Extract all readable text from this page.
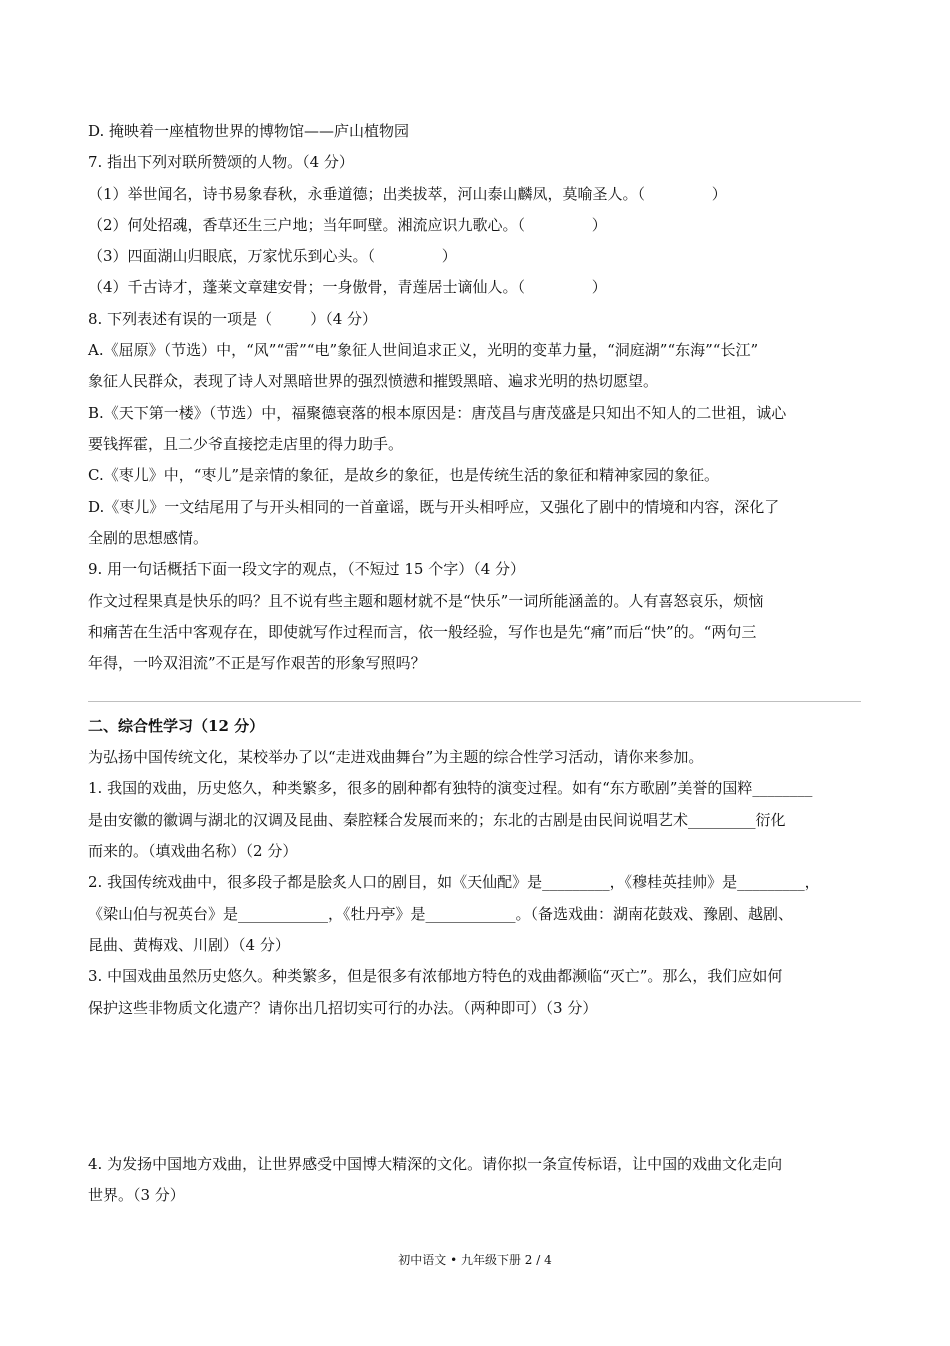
D. 掩映着一座植物世界的博物馆——庐山植物园
7. 指出下列对联所赞颂的人物。（4 分）
（1）举世闻名，诗书易象春秋，永垂道德；出类拔萃，河山泰山麟凤，莫喻圣人。（              ）
（2）何处招魂，香草还生三户地；当年呵壁。湘流应识九歌心。（              ）
（3）四面湖山归眼底，万家忧乐到心头。（              ）
（4）千古诗才，蓬莱文章建安骨；一身傲骨，青莲居士谪仙人。（              ）
8. 下列表述有误的一项是（        ）（4 分）
A.《屈原》（节选）中，“风”“雷”“电”象征人世间追求正义，光明的变革力量，“洞庭湖”“东海”“长江”
象征人民群众，表现了诗人对黑暗世界的强烈愤懑和摧毁黑暗、遍求光明的热切愿望。
B.《天下第一楼》（节选）中，福聚德衰落的根本原因是：唐茂昌与唐茂盛是只知出不知人的二世祖，诚心
要钱挥霍，且二少爷直接挖走店里的得力助手。
C.《枣儿》中，“枣儿”是亲情的象征，是故乡的象征，也是传统生活的象征和精神家园的象征。
D.《枣儿》一文结尾用了与开头相同的一首童谣，既与开头相呼应，又强化了剧中的情境和内容，深化了
全剧的思想感情。
9. 用一句话概括下面一段文字的观点，（不短过 15 个字）（4 分）
作文过程果真是快乐的吗？且不说有些主题和题材就不是“快乐”一词所能涵盖的。人有喜怒哀乐，烦恼
和痛苦在生活中客观存在，即使就写作过程而言，依一般经验，写作也是先“痛”而后“快”的。“两句三
年得，一吟双泪流”不正是写作艰苦的形象写照吗？
二、综合性学习（12 分）
为弘扬中国传统文化，某校举办了以“走进戏曲舞台”为主题的综合性学习活动，请你来参加。
1. 我国的戏曲，历史悠久，种类繁多，很多的剧种都有独特的演变过程。如有“东方歌剧”美誉的国粹________
是由安徽的徽调与湖北的汉调及昆曲、秦腔糅合发展而来的；东北的古剧是由民间说唱艺术_________衍化
而来的。（填戏曲名称）（2 分）
2. 我国传统戏曲中，很多段子都是脍炙人口的剧目，如《天仙配》是_________，《穆桂英挂帅》是_________，
《梁山伯与祝英台》是____________，《牡丹亭》是____________。（备选戏曲：湖南花鼓戏、豫剧、越剧、
昆曲、黄梅戏、川剧）（4 分）
3. 中国戏曲虽然历史悠久。种类繁多，但是很多有浓郁地方特色的戏曲都濒临“灭亡”。那么，我们应如何
保护这些非物质文化遗产？请你出几招切实可行的办法。（两种即可）（3 分）
4. 为发扬中国地方戏曲，让世界感受中国博大精深的文化。请你拟一条宣传标语，让中国的戏曲文化走向
世界。（3 分）
初中语文 • 九年级下册 2 / 4
